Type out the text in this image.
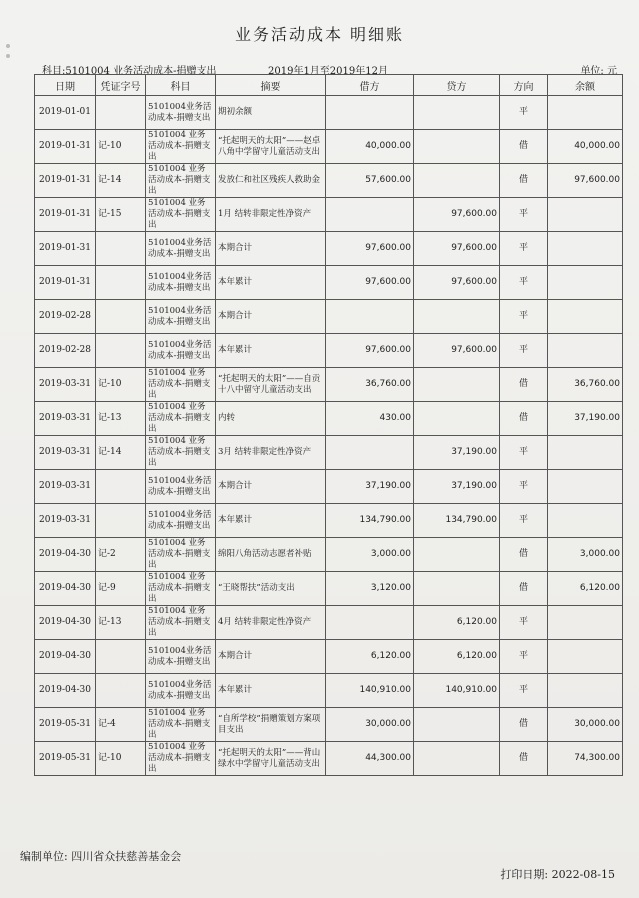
业务活动成本 明细账
科目:5101004 业务活动成本-捐赠支出	2019年1月至2019年12月	单位: 元
日期	凭证字号	科目	摘要	借方	贷方	方向	余额
2019-01-01		5101004业务活动成本-捐赠支出	期初余额			平	
2019-01-31	记-10	5101004 业务活动成本-捐赠支出	“托起明天的太阳”——赵卓八角中学留守儿童活动支出	40,000.00		借	40,000.00
2019-01-31	记-14	5101004 业务活动成本-捐赠支出	发放仁和社区残疾人救助金	57,600.00		借	97,600.00
2019-01-31	记-15	5101004 业务活动成本-捐赠支出	1月 结转非限定性净资产		97,600.00	平	
2019-01-31		5101004业务活动成本-捐赠支出	本期合计	97,600.00	97,600.00	平	
2019-01-31		5101004业务活动成本-捐赠支出	本年累计	97,600.00	97,600.00	平	
2019-02-28		5101004业务活动成本-捐赠支出	本期合计			平	
2019-02-28		5101004业务活动成本-捐赠支出	本年累计	97,600.00	97,600.00	平	
2019-03-31	记-10	5101004 业务活动成本-捐赠支出	“托起明天的太阳”——自贡十八中留守儿童活动支出	36,760.00		借	36,760.00
2019-03-31	记-13	5101004 业务活动成本-捐赠支出	内转	430.00		借	37,190.00
2019-03-31	记-14	5101004 业务活动成本-捐赠支出	3月 结转非限定性净资产		37,190.00	平	
2019-03-31		5101004业务活动成本-捐赠支出	本期合计	37,190.00	37,190.00	平	
2019-03-31		5101004业务活动成本-捐赠支出	本年累计	134,790.00	134,790.00	平	
2019-04-30	记-2	5101004 业务活动成本-捐赠支出	绵阳八角活动志愿者补贴	3,000.00		借	3,000.00
2019-04-30	记-9	5101004 业务活动成本-捐赠支出	“王晓帮扶”活动支出	3,120.00		借	6,120.00
2019-04-30	记-13	5101004 业务活动成本-捐赠支出	4月 结转非限定性净资产		6,120.00	平	
2019-04-30		5101004业务活动成本-捐赠支出	本期合计	6,120.00	6,120.00	平	
2019-04-30		5101004业务活动成本-捐赠支出	本年累计	140,910.00	140,910.00	平	
2019-05-31	记-4	5101004 业务活动成本-捐赠支出	“自所学校”捐赠策划方案项目支出	30,000.00		借	30,000.00
2019-05-31	记-10	5101004 业务活动成本-捐赠支出	“托起明天的太阳”——背山绿水中学留守儿童活动支出	44,300.00		借	74,300.00
编制单位: 四川省众扶慈善基金会
打印日期: 2022-08-15
